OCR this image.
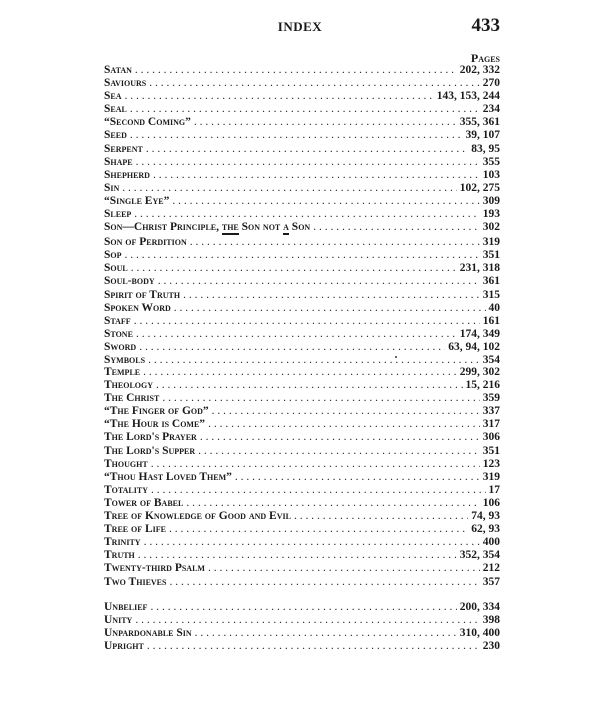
INDEX	433
Pages
Satan . . .	202, 332
Saviours . . .	270
Sea . . .	143, 153, 244
Seal . . .	234
“Second Coming” . . .	355, 361
Seed . . .	39, 107
Serpent . . .	83, 95
Shape . . .	355
Shepherd . . .	103
Sin . . .	102, 275
“Single Eye” . . .	309
Sleep . . .	193
Son—Christ Principle, the Son not a Son . . .	302
Son of Perdition . . .	319
Sop . . .	351
Soul . . .	231, 318
Soul-body . . .	361
Spirit of Truth . . .	315
Spoken Word . . .	40
Staff . . .	161
Stone . . .	174, 349
Sword . . .	63, 94, 102
Symbols . . .	354
Temple . . .	299, 302
Theology . . .	15, 216
The Christ . . .	359
“The Finger of God” . . .	337
“The Hour is Come” . . .	317
The Lord's Prayer . . .	306
The Lord's Supper . . .	351
Thought . . .	123
“Thou Hast Loved Them” . . .	319
Totality . . .	17
Tower of Babel . . .	106
Tree of Knowledge of Good and Evil . . .	74, 93
Tree of Life . . .	62, 93
Trinity . . .	400
Truth . . .	352, 354
Twenty-third Psalm . . .	212
Two Thieves . . .	357
Unbelief . . .	200, 334
Unity . . .	398
Unpardonable Sin . . .	310, 400
Upright . . .	230
